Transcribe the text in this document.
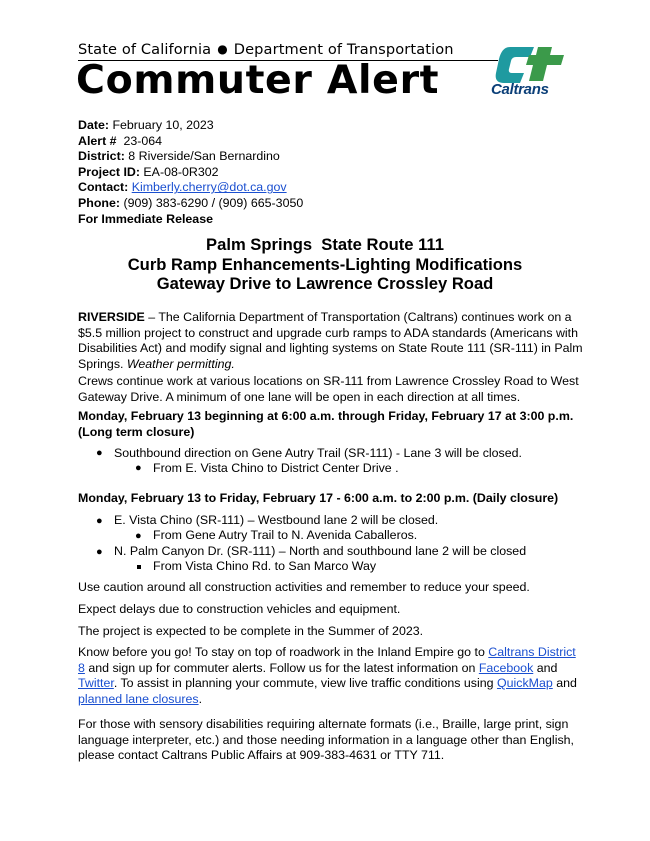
State of California ● Department of Transportation
Commuter Alert	Caltrans
Date: February 10, 2023
Alert # 23-064
District: 8 Riverside/San Bernardino
Project ID: EA-08-0R302
Contact: Kimberly.cherry@dot.ca.gov
Phone: (909) 383-6290 / (909) 665-3050
For Immediate Release
Palm Springs  State Route 111
Curb Ramp Enhancements-Lighting Modifications
Gateway Drive to Lawrence Crossley Road
RIVERSIDE – The California Department of Transportation (Caltrans) continues work on a $5.5 million project to construct and upgrade curb ramps to ADA standards (Americans with Disabilities Act) and modify signal and lighting systems on State Route 111 (SR-111) in Palm Springs. Weather permitting.
Crews continue work at various locations on SR-111 from Lawrence Crossley Road to West Gateway Drive. A minimum of one lane will be open in each direction at all times.
Monday, February 13 beginning at 6:00 a.m. through Friday, February 17 at 3:00 p.m. (Long term closure)
● Southbound direction on Gene Autry Trail (SR-111) - Lane 3 will be closed.
● From E. Vista Chino to District Center Drive .
Monday, February 13 to Friday, February 17 - 6:00 a.m. to 2:00 p.m. (Daily closure)
● E. Vista Chino (SR-111) – Westbound lane 2 will be closed.
● From Gene Autry Trail to N. Avenida Caballeros.
● N. Palm Canyon Dr. (SR-111) – North and southbound lane 2 will be closed
From Vista Chino Rd. to San Marco Way
Use caution around all construction activities and remember to reduce your speed.
Expect delays due to construction vehicles and equipment.
The project is expected to be complete in the Summer of 2023.
Know before you go! To stay on top of roadwork in the Inland Empire go to Caltrans District 8 and sign up for commuter alerts. Follow us for the latest information on Facebook and Twitter. To assist in planning your commute, view live traffic conditions using QuickMap and planned lane closures.
For those with sensory disabilities requiring alternate formats (i.e., Braille, large print, sign language interpreter, etc.) and those needing information in a language other than English, please contact Caltrans Public Affairs at 909-383-4631 or TTY 711.
